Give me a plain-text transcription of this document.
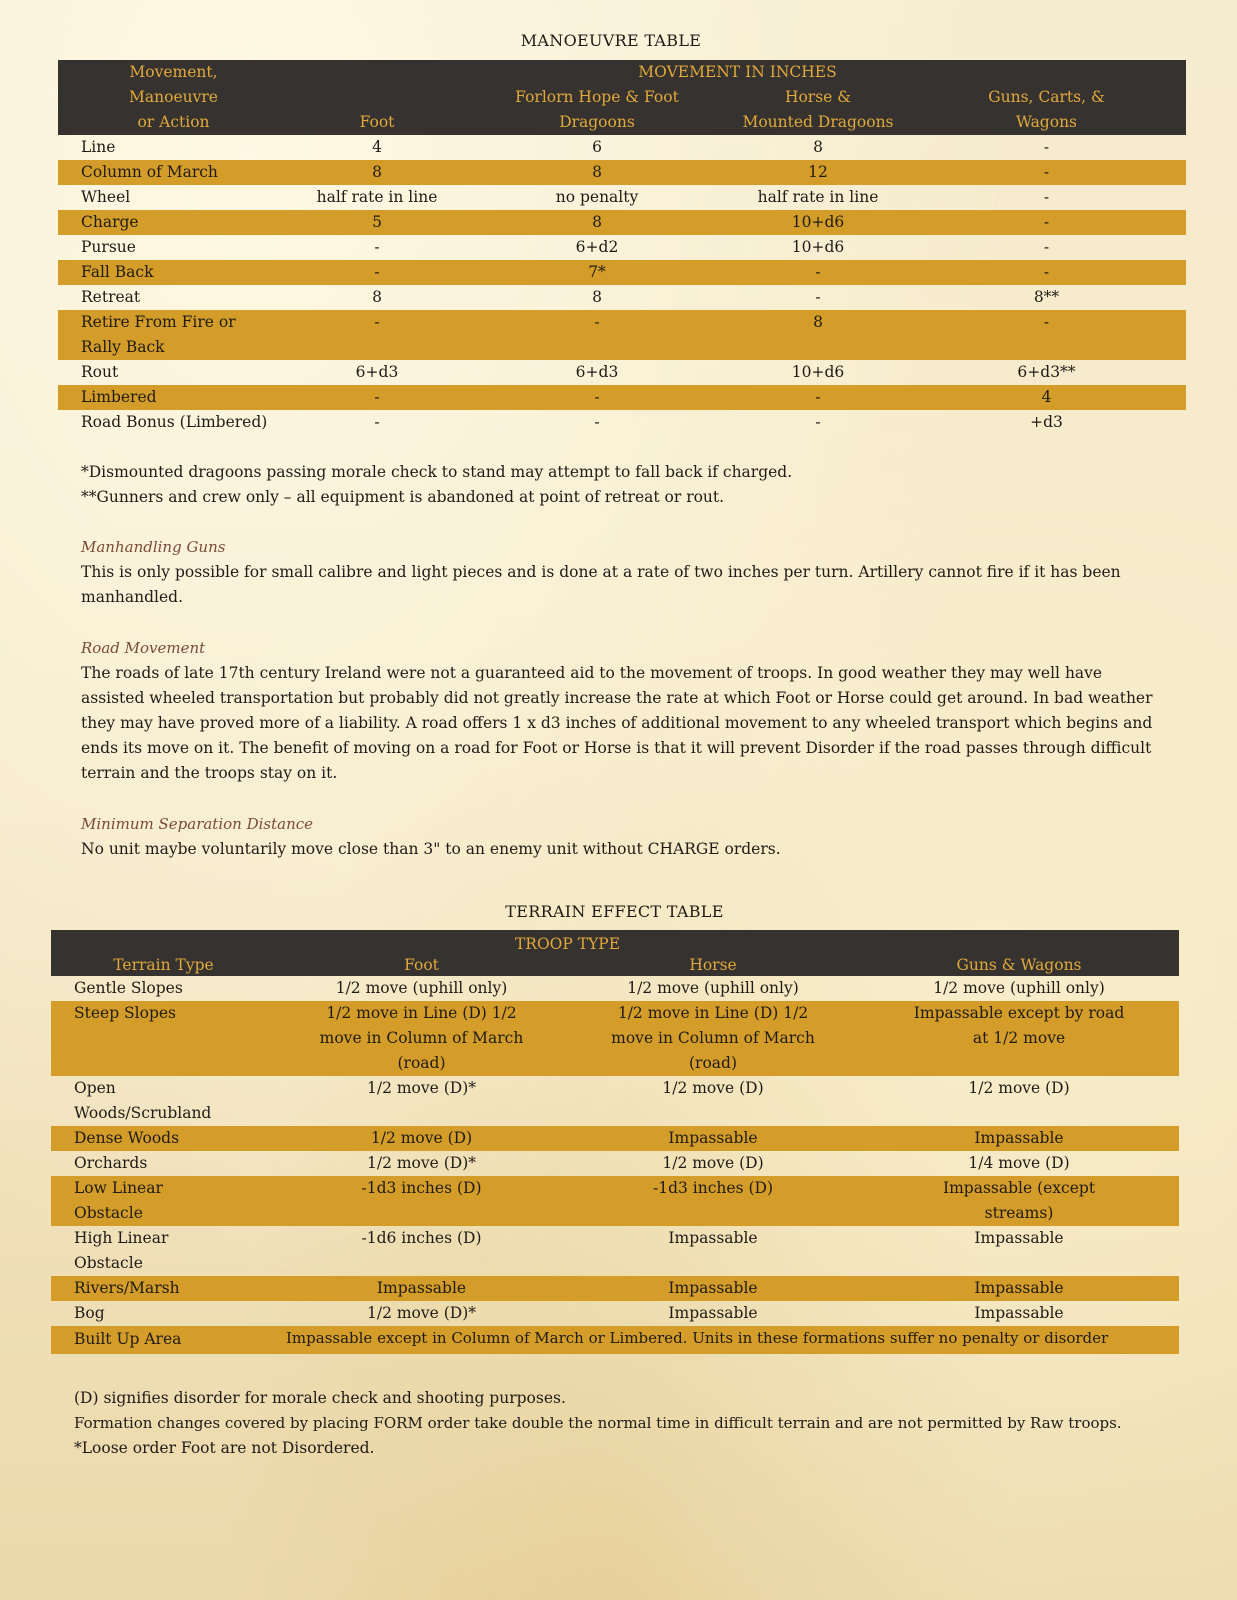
MANOEUVRE TABLE
Movement,	MOVEMENT IN INCHES			
Manoeuvre		Forlorn Hope & Foot	Horse &	Guns, Carts, &
or Action	Foot	Dragoons	Mounted Dragoons	Wagons
Line	4	6	8	-
Column of March	8	8	12	-
Wheel	half rate in line	no penalty	half rate in line	-
Charge	5	8	10+d6	-
Pursue	-	6+d2	10+d6	-
Fall Back	-	7*	-	-
Retreat	8	8	-	8**
Retire From Fire or Rally Back	-	-	8	-
Rout	6+d3	6+d3	10+d6	6+d3**
Limbered	-	-	-	4
Road Bonus (Limbered)	-	-	-	+d3
*Dismounted dragoons passing morale check to stand may attempt to fall back if charged.
**Gunners and crew only – all equipment is abandoned at point of retreat or rout.
Manhandling Guns
This is only possible for small calibre and light pieces and is done at a rate of two inches per turn. Artillery cannot fire if it has been manhandled.
Road Movement
The roads of late 17th century Ireland were not a guaranteed aid to the movement of troops. In good weather they may well have assisted wheeled transportation but probably did not greatly increase the rate at which Foot or Horse could get around. In bad weather they may have proved more of a liability. A road offers 1 x d3 inches of additional movement to any wheeled transport which begins and ends its move on it. The benefit of moving on a road for Foot or Horse is that it will prevent Disorder if the road passes through difficult terrain and the troops stay on it.
Minimum Separation Distance
No unit maybe voluntarily move close than 3" to an enemy unit without CHARGE orders.
TERRAIN EFFECT TABLE
	TROOP TYPE		
Terrain Type	Foot	Horse	Guns & Wagons
Gentle Slopes	1/2 move (uphill only)	1/2 move (uphill only)	1/2 move (uphill only)
Steep Slopes	1/2 move in Line (D) 1/2 move in Column of March (road)	1/2 move in Line (D) 1/2 move in Column of March (road)	Impassable except by road at 1/2 move
Open Woods/Scrubland	1/2 move (D)*	1/2 move (D)	1/2 move (D)
Dense Woods	1/2 move (D)	Impassable	Impassable
Orchards	1/2 move (D)*	1/2 move (D)	1/4 move (D)
Low Linear Obstacle	-1d3 inches (D)	-1d3 inches (D)	Impassable (except streams)
High Linear Obstacle	-1d6 inches (D)	Impassable	Impassable
Rivers/Marsh	Impassable	Impassable	Impassable
Bog	1/2 move (D)*	Impassable	Impassable
Built Up Area	Impassable except in Column of March or Limbered. Units in these formations suffer no penalty or disorder		
(D) signifies disorder for morale check and shooting purposes.
Formation changes covered by placing FORM order take double the normal time in difficult terrain and are not permitted by Raw troops.
*Loose order Foot are not Disordered.
